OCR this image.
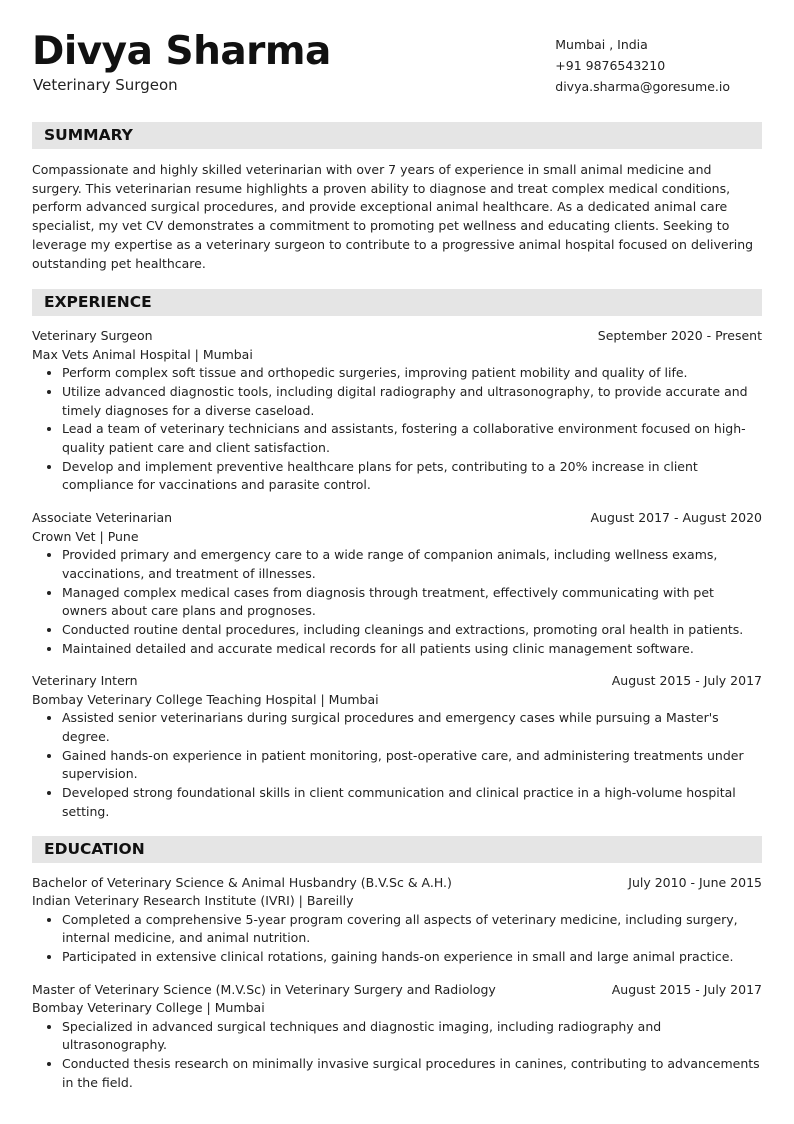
Divya Sharma
Veterinary Surgeon
Mumbai , India
+91 9876543210
divya.sharma@goresume.io
SUMMARY

Compassionate and highly skilled veterinarian with over 7 years of experience in small animal medicine and surgery. This veterinarian resume highlights a proven ability to diagnose and treat complex medical conditions, perform advanced surgical procedures, and provide exceptional animal healthcare. As a dedicated animal care specialist, my vet CV demonstrates a commitment to promoting pet wellness and educating clients. Seeking to leverage my expertise as a veterinary surgeon to contribute to a progressive animal hospital focused on delivering outstanding pet healthcare.

EXPERIENCE
Veterinary Surgeon	September 2020 - Present
Max Vets Animal Hospital | Mumbai
• Perform complex soft tissue and orthopedic surgeries, improving patient mobility and quality of life.
• Utilize advanced diagnostic tools, including digital radiography and ultrasonography, to provide accurate and timely diagnoses for a diverse caseload.
• Lead a team of veterinary technicians and assistants, fostering a collaborative environment focused on high-quality patient care and client satisfaction.
• Develop and implement preventive healthcare plans for pets, contributing to a 20% increase in client compliance for vaccinations and parasite control.
Associate Veterinarian	August 2017 - August 2020
Crown Vet | Pune
• Provided primary and emergency care to a wide range of companion animals, including wellness exams, vaccinations, and treatment of illnesses.
• Managed complex medical cases from diagnosis through treatment, effectively communicating with pet owners about care plans and prognoses.
• Conducted routine dental procedures, including cleanings and extractions, promoting oral health in patients.
• Maintained detailed and accurate medical records for all patients using clinic management software.
Veterinary Intern	August 2015 - July 2017
Bombay Veterinary College Teaching Hospital | Mumbai
• Assisted senior veterinarians during surgical procedures and emergency cases while pursuing a Master's degree.
• Gained hands-on experience in patient monitoring, post-operative care, and administering treatments under supervision.
• Developed strong foundational skills in client communication and clinical practice in a high-volume hospital setting.
EDUCATION
Bachelor of Veterinary Science & Animal Husbandry (B.V.Sc & A.H.)	July 2010 - June 2015
Indian Veterinary Research Institute (IVRI) | Bareilly
• Completed a comprehensive 5-year program covering all aspects of veterinary medicine, including surgery, internal medicine, and animal nutrition.
• Participated in extensive clinical rotations, gaining hands-on experience in small and large animal practice.
Master of Veterinary Science (M.V.Sc) in Veterinary Surgery and Radiology	August 2015 - July 2017
Bombay Veterinary College | Mumbai
• Specialized in advanced surgical techniques and diagnostic imaging, including radiography and ultrasonography.
• Conducted thesis research on minimally invasive surgical procedures in canines, contributing to advancements in the field.
